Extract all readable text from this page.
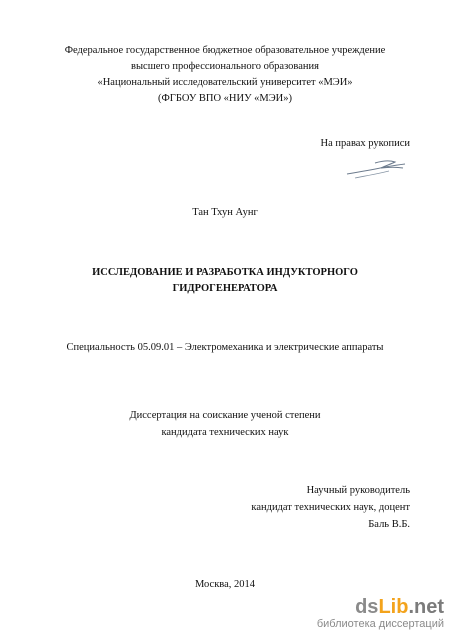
Федеральное государственное бюджетное образовательное учреждение
высшего профессионального образования
«Национальный исследовательский университет «МЭИ»
(ФГБОУ ВПО «НИУ «МЭИ»)
На правах рукописи
Тан Тхун Аунг
ИССЛЕДОВАНИЕ И РАЗРАБОТКА ИНДУКТОРНОГО
ГИДРОГЕНЕРАТОРА
Специальность 05.09.01 – Электромеханика и электрические аппараты
Диссертация на соискание ученой степени
кандидата технических наук
Научный руководитель
кандидат технических наук, доцент
Баль В.Б.
Москва, 2014
dsLib.net
библиотека диссертаций
